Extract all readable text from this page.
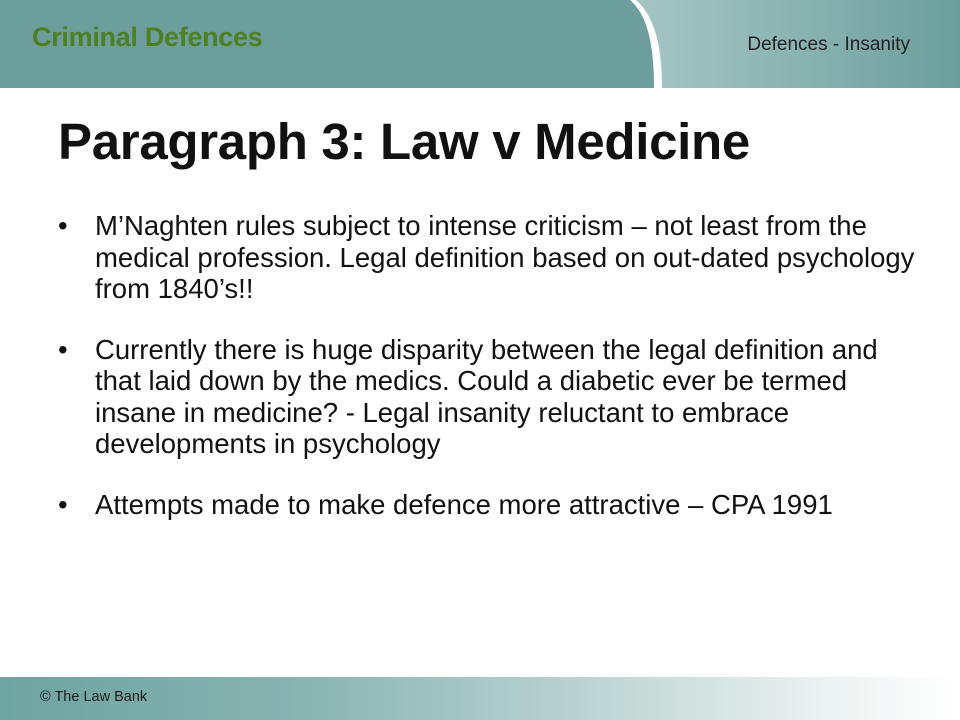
Criminal Defences	Defences - Insanity
Paragraph 3: Law v Medicine
• M’Naghten rules subject to intense criticism – not least from the medical profession. Legal definition based on out-dated psychology from 1840’s!!
• Currently there is huge disparity between the legal definition and that laid down by the medics. Could a diabetic ever be termed insane in medicine? - Legal insanity reluctant to embrace developments in psychology
• Attempts made to make defence more attractive – CPA 1991
© The Law Bank
